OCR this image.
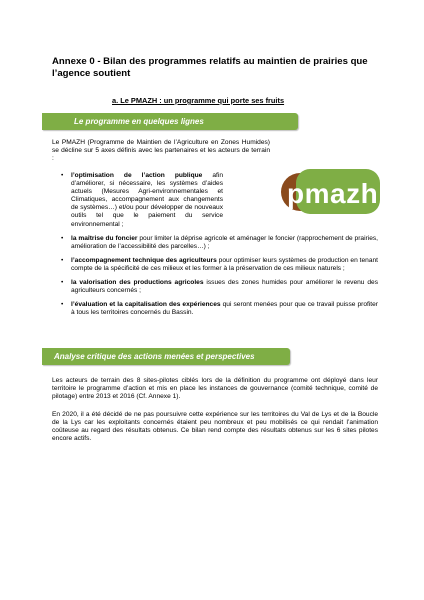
Annexe 0 - Bilan des programmes relatifs au maintien de prairies que l’agence soutient
a. Le PMAZH : un programme qui porte ses fruits
Le programme en quelques lignes
Le PMAZH (Programme de Maintien de l’Agriculture en Zones Humides) se décline sur 5 axes définis avec les partenaires et les acteurs de terrain :
pmazh
• l’optimisation de l’action publique afin d’améliorer, si nécessaire, les systèmes d’aides actuels (Mesures Agri-environnementales et Climatiques, accompagnement aux changements de systèmes…) et/ou pour développer de nouveaux outils tel que le paiement du service environnemental ;
• la maîtrise du foncier pour limiter la déprise agricole et aménager le foncier (rapprochement de prairies, amélioration de l’accessibilité des parcelles…) ;
• l’accompagnement technique des agriculteurs pour optimiser leurs systèmes de production en tenant compte de la spécificité de ces milieux et les former à la préservation de ces milieux naturels ;
• la valorisation des productions agricoles issues des zones humides pour améliorer le revenu des agriculteurs concernés ;
• l’évaluation et la capitalisation des expériences qui seront menées pour que ce travail puisse profiter à tous les territoires concernés du Bassin.
Analyse critique des actions menées et perspectives
Les acteurs de terrain des 8 sites-pilotes ciblés lors de la définition du programme ont déployé dans leur territoire le programme d’action et mis en place les instances de gouvernance (comité technique, comité de pilotage) entre 2013 et 2016 (Cf. Annexe 1).
En 2020, il a été décidé de ne pas poursuivre cette expérience sur les territoires du Val de Lys et de la Boucle de la Lys car les exploitants concernés étaient peu nombreux et peu mobilisés ce qui rendait l’animation coûteuse au regard des résultats obtenus. Ce bilan rend compte des résultats obtenus sur les 6 sites pilotes encore actifs.
